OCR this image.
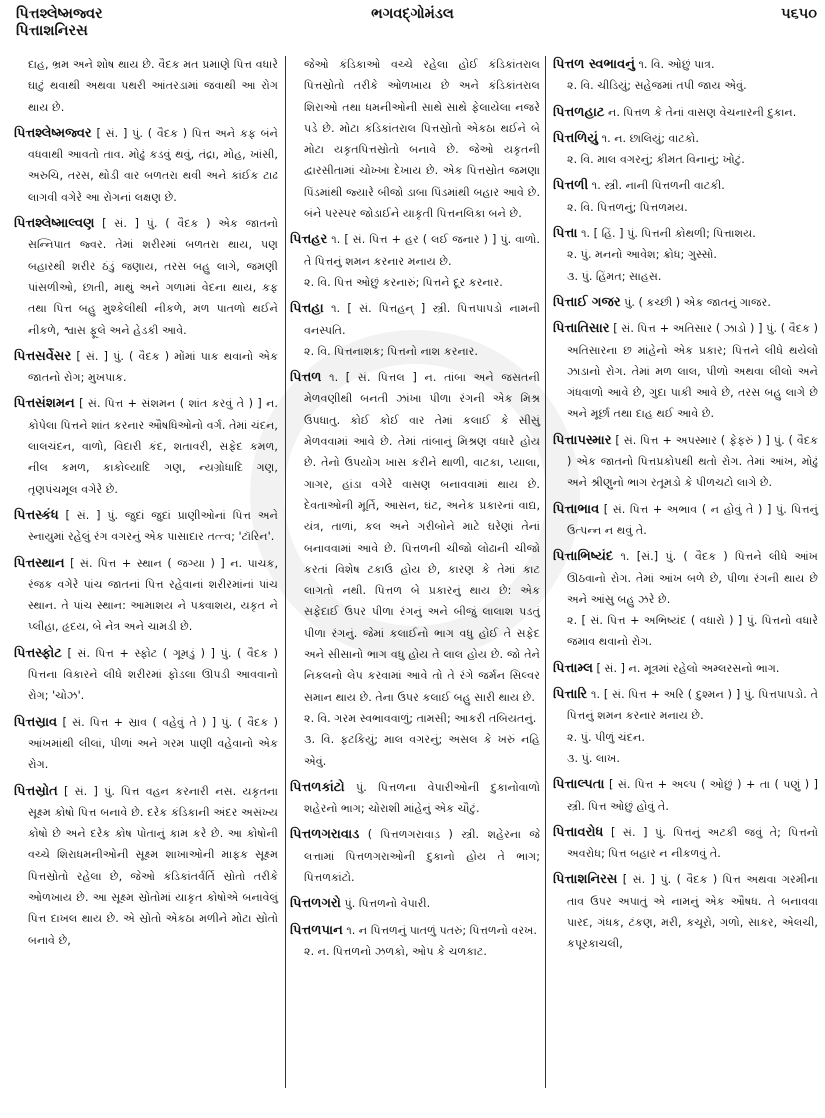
પિત્તશ્લેષ્મજ્વર
પિત્તાશનિરસ
ભગવદ્ગોમંડલ	૫૬૫૦
દાહ, ભ્રમ અને શોષ થાય છે. વૈદક મત પ્રમાણે પિત્ત વધારે ઘાટું થવાથી અથવા પથરી આંતરડામાં જવાથી આ રોગ થાય છે.
પિત્તશ્લેષ્મજ્વર [ સં. ] પું. ( વૈદક ) પિત્ત અને કફ બંને વધવાથી આવતો તાવ. મોઢું કડવું થવું, તંદ્રા, મોહ, ખાંસી, અરુચિ, તરસ, થોડી વાર બળતરા થવી અને કાંઈક ટાઢ લાગવી વગેરે આ રોગનાં લક્ષણ છે.
પિત્તશ્લેષ્માલ્વણ [ સં. ] પું. ( વૈદક ) એક જાતનો સન્નિપાત જ્વર. તેમાં શરીરમાં બળતરા થાય, પણ બહારથી શરીર ઠંડું જણાય, તરસ બહુ લાગે, જમણી પાંસળીઓ, છાતી, માથું અને ગળામાં વેદના થાય, કફ તથા પિત્ત બહુ મુશ્કેલીથી નીકળે, મળ પાતળો થઈને નીકળે, શ્વાસ ફૂલે અને હેડકી આવે.
પિત્તસર્વેસર [ સં. ] પું. ( વૈદક ) મોંમાં પાક થવાનો એક જાતનો રોગ; મુખપાક.
પિત્તસંશમન [ સં. પિત્ત + સંશમન ( શાંત કરવું તે ) ] ન. કોપેલા પિત્તને શાંત કરનાર ઔષધિઓનો વર્ગ. તેમાં ચંદન, લાલચંદન, વાળો, વિદારી કંદ, શતાવરી, સફેદ કમળ, નીલ કમળ, કાકોલ્યાદિ ગણ, ન્યગ્રોધાદિ ગણ, તૃણપંચમૂલ વગેરે છે.
પિત્તસ્કંધ [ સં. ] પું. જુદાં જુદાં પ્રાણીઓનાં પિત્ત અને સ્નાયુમાં રહેલું રંગ વગરનું એક પાસાદાર તત્ત્વ; 'ટૉરિન'.
પિત્તસ્થાન [ સં. પિત્ત + સ્થાન ( જગ્યા ) ] ન. પાચક, રંજક વગેરે પાંચ જાતનાં પિત્ત રહેવાનાં શરીરમાંનાં પાંચ સ્થાન. તે પાંચ સ્થાન: આમાશય ને પક્વાશય, યકૃત ને પ્લીહા, હૃદય, બે નેત્ર અને ચામડી છે.
પિત્તસ્ફોટ [ સં. પિત્ત + સ્ફોટ ( ગૂમડું ) ] પું. ( વૈદક ) પિત્તના વિકારને લીધે શરીરમાં ફોડલા ઊપડી આવવાનો રોગ; 'ચોઝ'.
પિત્તસ્રાવ [ સં. પિત્ત + સ્રાવ ( વહેવું તે ) ] પું. ( વૈદક ) આંખમાંથી લીલાં, પીળાં અને ગરમ પાણી વહેવાનો એક રોગ.
પિત્તસ્રોત [ સં. ] પું. પિત્ત વહન કરનારી નસ. યકૃતના સૂક્ષ્મ કોષો પિત્ત બનાવે છે. દરેક કંડિકાની અંદર અસંખ્ય કોષો છે અને દરેક કોષ પોતાનું કામ કરે છે. આ કોષોની વચ્ચે શિરાધમનીઓની સૂક્ષ્મ શાખાઓની માફક સૂક્ષ્મ પિત્તસ્રોતો રહેલા છે, જેઓ કંડિકાંતર્વર્તિ સ્રોતો તરીકે ઓળખાય છે. આ સૂક્ષ્મ સ્રોતોમાં યાકૃત કોષોએ બનાવેલું પિત્ત દાખલ થાય છે. એ સ્રોતો એકઠા મળીને મોટા સ્રોતો બનાવે છે,
જેઓ કંડિકાઓ વચ્ચે રહેલા હોઈ કંડિકાંતરાલ પિત્તસ્રોતો તરીકે ઓળખાય છે અને કંડિકાંતરાલ શિરાઓ તથા ધમનીઓની સાથે સાથે ફેલાયેલા નજરે પડે છે. મોટા કંડિકાંતરાલ પિત્તસ્રોતો એકઠા થઈને બે મોટા યકૃતપિત્તસ્રોતો બનાવે છે. જેઓ યકૃતની દ્વારસીતામાં ચોખ્ખા દેખાય છે. એક પિત્તસ્રોત જમણા પિંડમાંથી જ્યારે બીજો ડાબા પિંડમાંથી બહાર આવે છે. બંને પરસ્પર જોડાઈને યાકૃતી પિત્તનલિકા બને છે.
પિત્તહર ૧. [ સં. પિત્ત + હર ( લઈ જનાર ) ] પું. વાળો. તે પિત્તનું શમન કરનાર મનાય છે.
૨. વિ. પિત્ત ઓછું કરનારું; પિત્તને દૂર કરનાર.
પિત્તહા ૧. [ સં. પિત્તહન્ ] સ્ત્રી. પિત્તપાપડો નામની વનસ્પતિ.
૨. વિ. પિત્તનાશક; પિત્તનો નાશ કરનાર.
પિત્તળ ૧. [ સં. પિત્તલ ] ન. તાંબા અને જસતની મેળવણીથી બનતી ઝાંખા પીળા રંગની એક મિશ્ર ઉપધાતુ. કોઈ કોઈ વાર તેમાં કલાઈ કે સીસું મેળવવામાં આવે છે. તેમાં તાંબાનું મિશ્રણ વધારે હોય છે. તેનો ઉપયોગ ખાસ કરીને થાળી, વાટકા, પ્યાલા, ગાગર, હાંડા વગેરે વાસણ બનાવવામાં થાય છે. દેવતાઓની મૂર્તિ, આસન, ઘંટ, અનેક પ્રકારનાં વાદ્ય, યંત્ર, તાળાં, કલ અને ગરીબોને માટે ઘરેણાં તેનાં બનાવવામાં આવે છે. પિત્તળની ચીજો લોઢાની ચીજો કરતાં વિશેષ ટકાઉ હોય છે, કારણ કે તેમાં કાટ લાગતો નથી. પિત્તળ બે પ્રકારનું થાય છે: એક સફેદાઈ ઉપર પીળા રંગનું અને બીજું લાલાશ પડતું પીળા રંગનું. જેમાં કલાઈનો ભાગ વધુ હોઈ તે સફેદ અને સીસાનો ભાગ વધુ હોય તે લાલ હોય છે. જો તેને નિકલનો લેપ કરવામાં આવે તો તે રંગે જર્મન સિલ્વર સમાન થાય છે. તેના ઉપર કલાઈ બહુ સારી થાય છે.
૨. વિ. ગરમ સ્વભાવવાળું; તામસી; આકરી તબિયતનું.
૩. વિ. ફટકિયું; માલ વગરનું; અસલ કે ખરું નહિ એવું.
પિત્તળકાંટો પું. પિત્તળના વેપારીઓની દુકાનોવાળો શહેરનો ભાગ; ચોરાશી માંહેનું એક ચૌટું.
પિત્તળગરાવાડ ( પિત્તળગરાવાડ઼ ) સ્ત્રી. શહેરના જે લત્તામાં પિત્તળગરાઓની દુકાનો હોય તે ભાગ; પિત્તળકાંટો.
પિત્તળગરો પું. પિત્તળનો વેપારી.
પિત્તળપાન ૧. ન પિત્તળનું પાતળું પતરું; પિત્તળનો વરખ.
૨. ન. પિત્તળનો ઝળકો, ઓપ કે ચળકાટ.
પિત્તળ સ્વભાવનું ૧. વિ. ઓછું પાત્ર.
૨. વિ. ચીડિયું; સહેજમાં તપી જાય એવું.
પિત્તળહાટ ન. પિત્તળ કે તેનાં વાસણ વેચનારની દુકાન.
પિત્તળિયું ૧. ન. છાલિયું; વાટકો.
૨. વિ. માલ વગરનું; કીમત વિનાનું; ખોટું.
પિત્તળી ૧. સ્ત્રી. નાની પિત્તળની વાટકી.
૨. વિ. પિત્તળનું; પિત્તળમય.
પિત્તા ૧. [ હિં. ] પું. પિત્તની કોથળી; પિત્તાશય.
૨. પું. મનનો આવેશ; ક્રોધ; ગુસ્સો.
૩. પું. હિંમત; સાહસ.
પિત્તાઈ ગજર પું. ( કચ્છી ) એક જાતનું ગાજર.
પિત્તાતિસાર [ સં. પિત્ત + અતિસાર ( ઝાડો ) ] પું. ( વૈદક ) અતિસારના છ માંહેનો એક પ્રકાર; પિત્તને લીધે થયેલો ઝાડાનો રોગ. તેમાં મળ લાલ, પીળો અથવા લીલો અને ગંધવાળો આવે છે, ગુદા પાકી આવે છે, તરસ બહુ લાગે છે અને મૂર્છા તથા દાહ થઈ આવે છે.
પિત્તાપસ્માર [ સં. પિત્ત + અપસ્માર ( ફેફરું ) ] પું. ( વૈદક ) એક જાતનો પિત્તપ્રકોપથી થતો રોગ. તેમાં આંખ, મોઢું અને શ્રીણુનો ભાગ રતૂમડો કે પીળચટો લાગે છે.
પિત્તાભાવ [ સં. પિત્ત + અભાવ ( ન હોવું તે ) ] પું. પિત્તનું ઉત્પન્ન ન થવું તે.
પિત્તાભિષ્યંદ ૧. [સં.] પું. ( વૈદક ) પિત્તને લીધે આંખ ઊઠવાનો રોગ. તેમાં આંખ બળે છે, પીળા રંગની થાય છે અને આંસુ બહુ ઝરે છે.
૨. [ સં. પિત્ત + અભિષ્યંદ ( વધારો ) ] પું. પિત્તનો વધારે જમાવ થવાનો રોગ.
પિત્તામ્લ [ સં. ] ન. મૂત્રમાં રહેલો અમ્લરસનો ભાગ.
પિત્તારિ ૧. [ સં. પિત્ત + અરિ ( દુશ્મન ) ] પું. પિત્તપાપડો. તે પિત્તનું શમન કરનાર મનાય છે.
૨. પું. પીળું ચંદન.
૩. પું. લાખ.
પિત્તાલ્પતા [ સં. પિત્ત + અલ્પ ( ઓછું ) + તા ( પણું ) ] સ્ત્રી. પિત્ત ઓછું હોવું તે.
પિત્તાવરોધ [ સં. ] પું. પિત્તનું અટકી જવું તે; પિત્તનો અવરોધ; પિત્ત બહાર ન નીકળવું તે.
પિત્તાશનિરસ [ સં. ] પું. ( વૈદક ) પિત્ત અથવા ગરમીના તાવ ઉપર અપાતું એ નામનું એક ઔષધ. તે બનાવવા પારદ, ગંધક, ટંકણ, મરી, કચૂરો, ગળો, સાકર, એલચી, કપૂરકાચલી,
